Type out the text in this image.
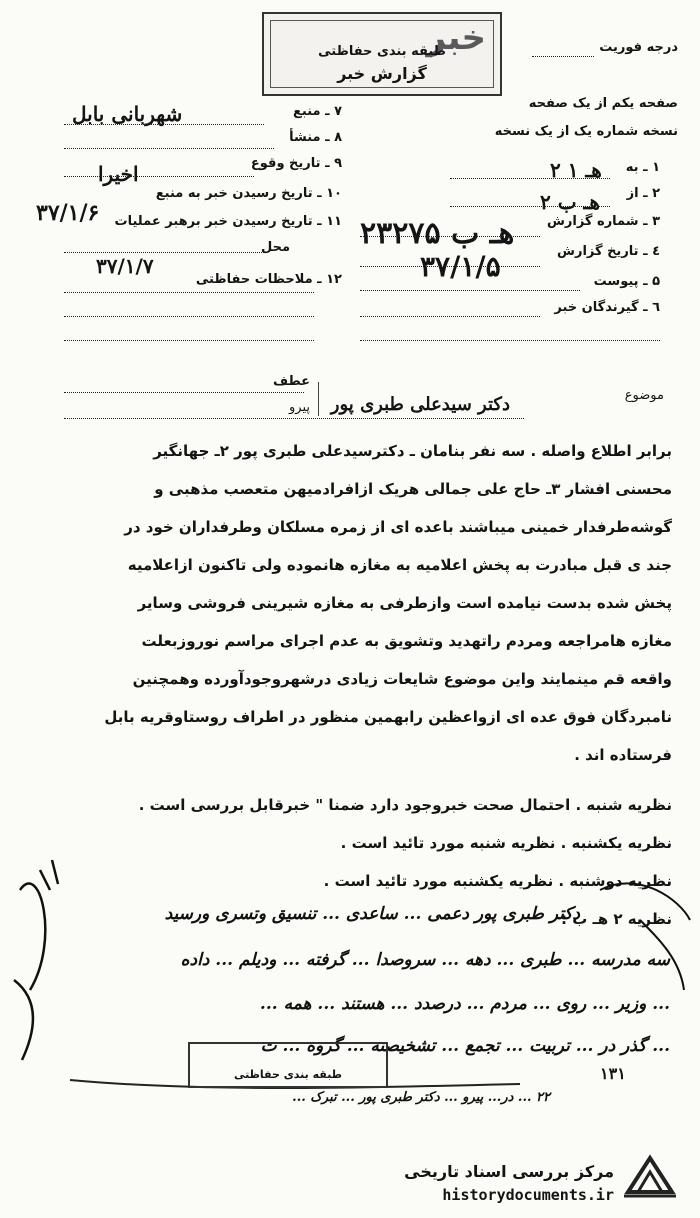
خبر
طبقه بندی حفاظتی
گزارش خبر
درجه فوریت
صفحه یکم از یک صفحه
نسخه شماره یک از یک نسخه
۱ ـ به
۲ هـ ۱
۲ ـ از
۲ هـ ب
۳ ـ شماره گزارش
۲۳۲۷۵ هـ ب
٤ ـ تاریخ گزارش
۳۷/۱/۵	۵ ـ پیوست
٦ ـ گیرندگان خبر
۷ ـ منبع
شهربانی بابل
۸ ـ منشأ
۹ ـ تاریخ وقوع
اخیرا
۱۰ ـ تاریخ رسیدن خبر به منبع
۳۷/۱/۶ ۱۱ ـ تاریخ رسیدن خبر برهبر عملیات
محل
۳۷/۱/۷
۱۲ ـ ملاحظات حفاظتی
عطف
پیرو
موضوع
دکتر سیدعلی طبری پور
برابر اطلاع واصله . سه نفر بنامان ـ دکترسیدعلی طبری پور ۲ـ جهانگیر
محسنی افشار ۳ـ حاج علی جمالی هریک ازافرادمیهن متعصب مذهبی و
گوشه‌طرفدار خمینی میباشند باعده ای از زمره مسلکان وطرفداران خود در
جند ی قبل مبادرت به پخش اعلامیه به مغازه هانموده ولی تاکنون ازاعلامیه
پخش شده بدست نیامده است وازطرفی به مغازه شیرینی فروشی وسایر
مغازه هامراجعه ومردم راتهدید وتشویق به عدم اجرای مراسم نوروزبعلت
واقعه قم مینمایند واین موضوع شایعات زیادی درشهرو‌جود‌آورده و‌همچنین
نامبردگان فوق عده ای ازواعظین رابهمین منظور در اطراف روستاوقریه بابل
فرستاده اند .
نظریه شنبه . احتمال صحت خبرو‌جود دارد ضمنا " خبرقابل بررسی است .
نظریه یکشنبه . نظریه شنبه مورد تائید است .
نظریه دوشنبه . نظریه یکشنبه مورد تائید است .
نظریه ۲ هـ ب :
دکتر طبری پور دعمی ... ساعدی ... تنسیق و‌تسری ورسید
سه مدرسه ... طبری ... دهه ... سروصدا ... گرفته ... ودیلم ... داده
... وزیر ... روی ... مردم ... درصدد ... هستند ... همه ...
... گذر در ... تربیت ... تجمع ... تشخیصنه ... گروه ... ت
طبقه بندی حفاظتی	۱۳۱
۲۲ ... در... پیرو ... دکتر طبری پور ... تبرک ...
مرکز بررسی اسناد تاریخی
historydocuments.ir
